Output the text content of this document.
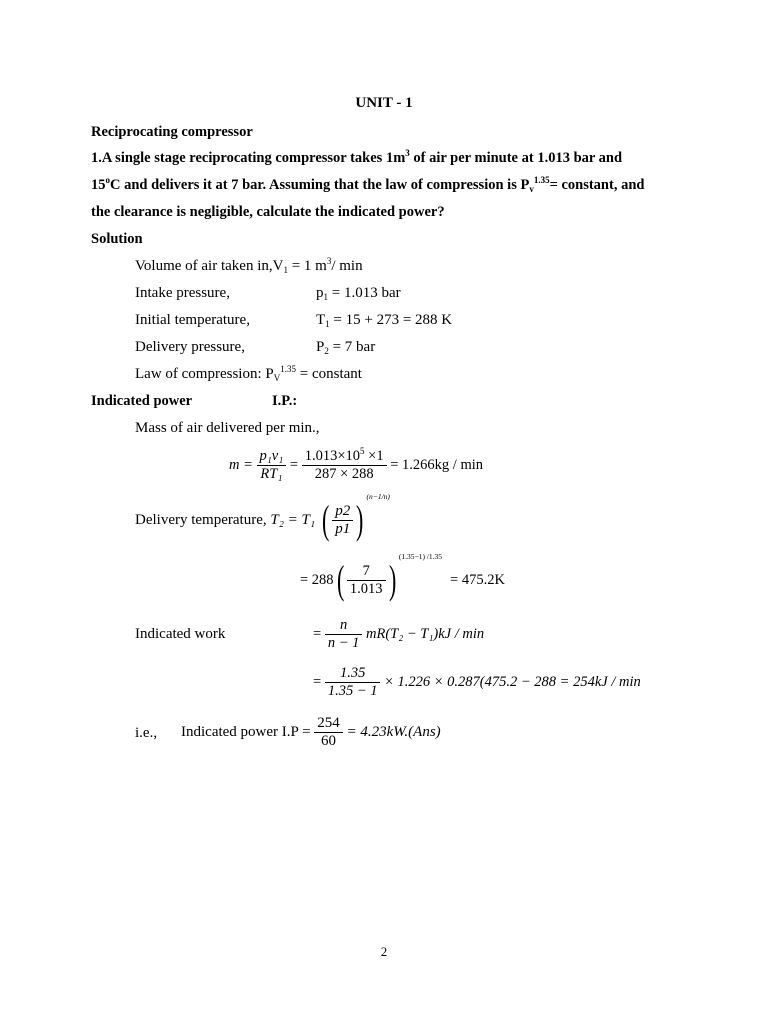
UNIT - 1
Reciprocating compressor
1.A single stage reciprocating compressor takes $1m^3$ of air per minute at 1.013 bar and
15$^o$C and delivers it at 7 bar. Assuming that the law of compression is $P_v^{1.35}=$ constant, and
the clearance is negligible, calculate the indicated power?
Solution
Volume of air taken $in,V_1 = 1$ $m^3/$ min
Intake pressure,	$p_1 = 1.013$ bar
Initial temperature,	$T_1 = 15 + 273 = 288$ K
Delivery pressure,	$P_2 = 7$ bar
Law of compression: $P_V^{1.35}$ = constant
Indicated power	I.P.:
Mass of air delivered per min.,
$m = \frac{\text{p₁v₁}}{\text{RT₁}} = \frac{1.013\times 10^5 \times 1}{287 \times 288} = 1.266kg / \min$
Delivery temperature, T₂ = T₁ ( $\frac{p2}{p1} )(n-1/n)$
= $288( \frac{7}{1.013} )(1.35-1)$ /1.35= 475.2K
Indicated work	= $\frac{n}{n - 1} mR(T_2 - T_1)kJ / \min$
= $\frac{1.35}{1.35 - 1} \times 1.226 \times 0.287(475.2 - 288 = 254kJ / \min$
i.e., Indicated power $I.P = \frac{254}{60} = 4.23kW.(Ans)$
2
